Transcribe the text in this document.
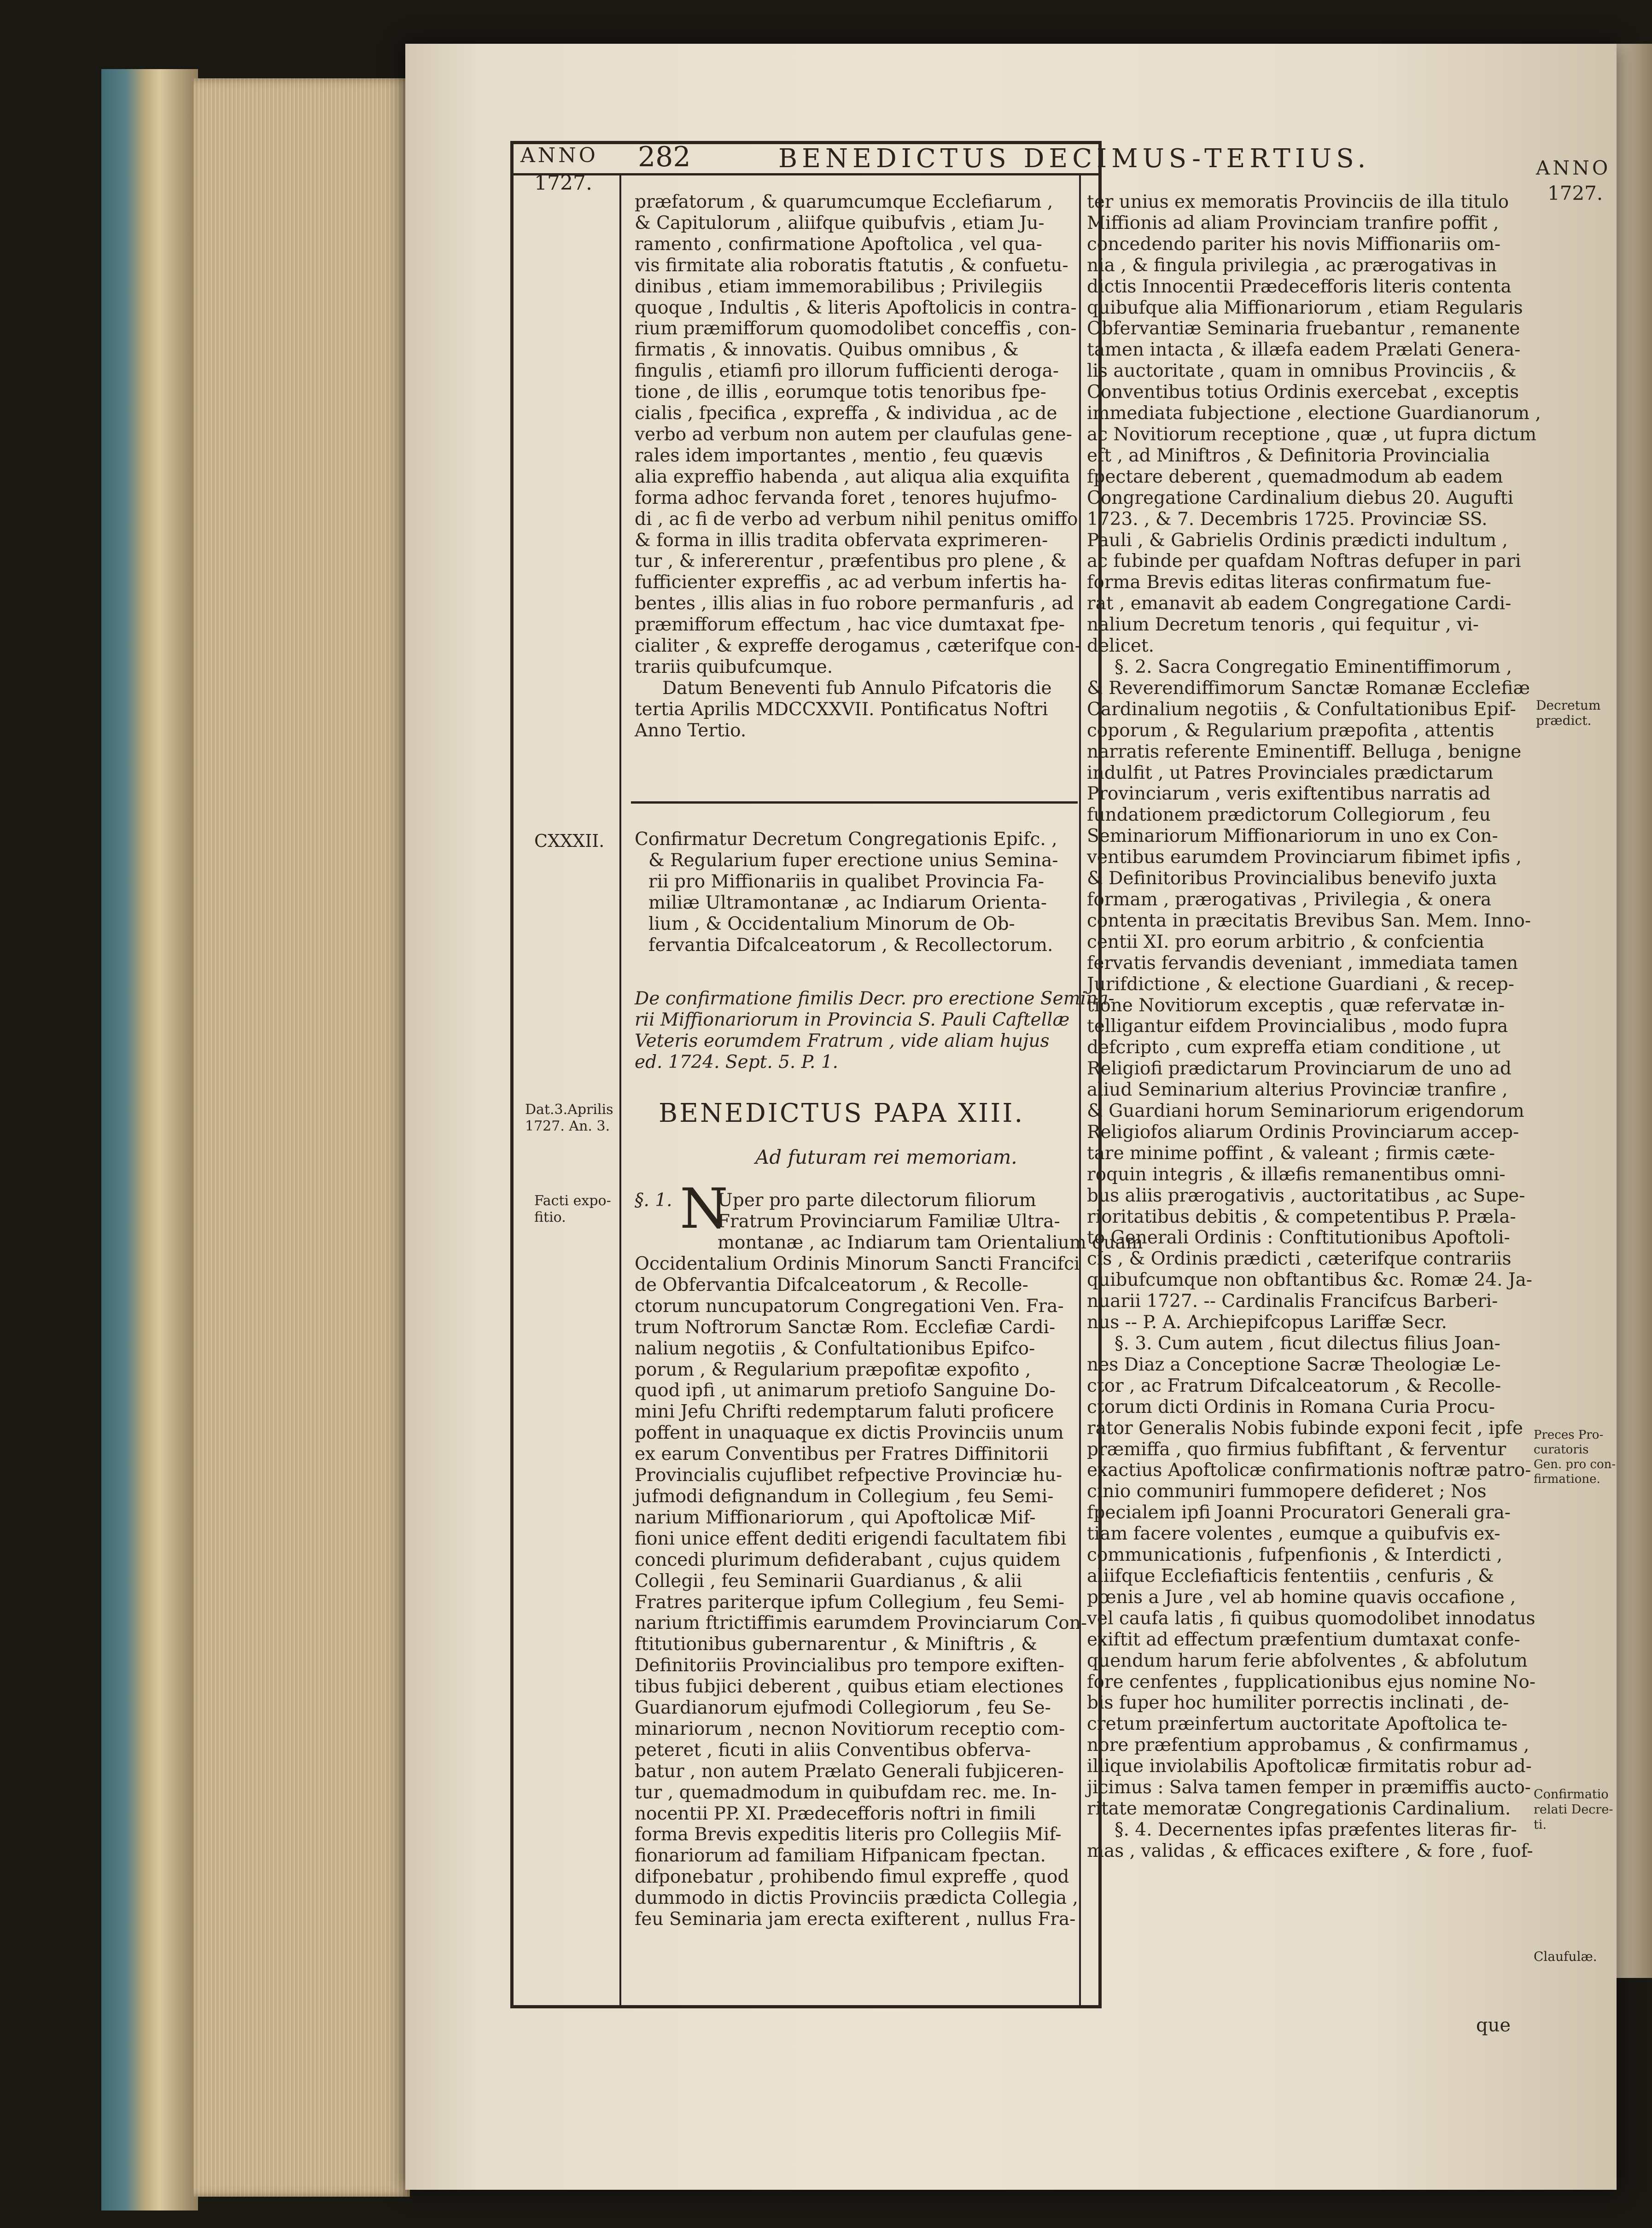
ANNO

1727.

282	BENEDICTUS DECIMUS-TERTIUS.	ANNO

1727.

præfatorum , & quarumcumque Ecclefiarum ,
& Capitulorum , aliifque quibufvis , etiam Ju-
ramento , confirmatione Apoftolica , vel qua-
vis firmitate alia roboratis ftatutis , & confuetu-
dinibus , etiam immemorabilibus ; Privilegiis
quoque , Indultis , & literis Apoftolicis in contra-
rium præmifforum quomodolibet conceffis , con-
firmatis , & innovatis. Quibus omnibus , &
fingulis , etiamfi pro illorum fufficienti deroga-
tione , de illis , eorumque totis tenoribus fpe-
cialis , fpecifica , expreffa , & individua , ac de
verbo ad verbum non autem per claufulas gene-
rales idem importantes , mentio , feu quævis
alia expreffio habenda , aut aliqua alia exquifita
forma adhoc fervanda foret , tenores hujufmo-
di , ac fi de verbo ad verbum nihil penitus omiffo
& forma in illis tradita obfervata exprimeren-
tur , & infererentur , præfentibus pro plene , &
fufficienter expreffis , ac ad verbum infertis ha-
bentes , illis alias in fuo robore permanfuris , ad
præmifforum effectum , hac vice dumtaxat fpe-
cialiter , & expreffe derogamus , cæterifque con-
trariis quibufcumque.
Datum Beneventi fub Annulo Pifcatoris die
tertia Aprilis MDCCXXVII. Pontificatus Noftri
Anno Tertio.

CXXXII.

Dat.3.Aprilis
1727. An. 3.
Facti expo-
fitio.
Confirmatur Decretum Congregationis Epifc. ,
& Regularium fuper erectione unius Semina-
rii pro Miffionariis in qualibet Provincia Fa-
miliæ Ultramontanæ , ac Indiarum Orienta-
lium , & Occidentalium Minorum de Ob-
fervantia Difcalceatorum , & Recollectorum.
De confirmatione fimilis Decr. pro erectione Semina-
rii Miffionariorum in Provincia S. Pauli Caftellæ
Veteris eorumdem Fratrum , vide aliam hujus
ed. 1724. Sept. 5. P. 1.

BENEDICTUS PAPA XIII.

Ad futuram rei memoriam.

§. 1. N

Uper pro parte dilectorum filiorum

Fratrum Provinciarum Familiæ Ultra-
montanæ , ac Indiarum tam Orientalium quam
Occidentalium Ordinis Minorum Sancti Francifci
de Obfervantia Difcalceatorum , & Recolle-
ctorum nuncupatorum Congregationi Ven. Fra-
trum Noftrorum Sanctæ Rom. Ecclefiæ Cardi-
nalium negotiis , & Confultationibus Epifco-
porum , & Regularium præpofitæ expofito ,
quod ipfi , ut animarum pretiofo Sanguine Do-
mini Jefu Chrifti redemptarum faluti proficere
poffent in unaquaque ex dictis Provinciis unum
ex earum Conventibus per Fratres Diffinitorii
Provincialis cujuflibet refpective Provinciæ hu-
jufmodi defignandum in Collegium , feu Semi-
narium Miffionariorum , qui Apoftolicæ Mif-
fioni unice effent dediti erigendi facultatem fibi
concedi plurimum defiderabant , cujus quidem
Collegii , feu Seminarii Guardianus , & alii
Fratres pariterque ipfum Collegium , feu Semi-
narium ftrictiffimis earumdem Provinciarum Con-
ftitutionibus gubernarentur , & Miniftris , &
Definitoriis Provincialibus pro tempore exiften-
tibus fubjici deberent , quibus etiam electiones
Guardianorum ejufmodi Collegiorum , feu Se-
minariorum , necnon Novitiorum receptio com-
peteret , ficuti in aliis Conventibus obferva-
batur , non autem Prælato Generali fubjiceren-
tur , quemadmodum in quibufdam rec. me. In-
nocentii PP. XI. Prædecefforis noftri in fimili
forma Brevis expeditis literis pro Collegiis Mif-
fionariorum ad familiam Hifpanicam fpectan.
difponebatur , prohibendo fimul expreffe , quod
dummodo in dictis Provinciis prædicta Collegia ,
feu Seminaria jam erecta exifterent , nullus Fra-
ter unius ex memoratis Provinciis de illa titulo
Miffionis ad aliam Provinciam tranfire poffit ,
concedendo pariter his novis Miffionariis om-
nia , & fingula privilegia , ac prærogativas in
dictis Innocentii Prædecefforis literis contenta
quibufque alia Miffionariorum , etiam Regularis
Obfervantiæ Seminaria fruebantur , remanente
tamen intacta , & illæfa eadem Prælati Genera-
lis auctoritate , quam in omnibus Provinciis , &
Conventibus totius Ordinis exercebat , exceptis
immediata fubjectione , electione Guardianorum ,
ac Novitiorum receptione , quæ , ut fupra dictum
eft , ad Miniftros , & Definitoria Provincialia
fpectare deberent , quemadmodum ab eadem
Congregatione Cardinalium diebus 20. Augufti
1723. , & 7. Decembris 1725. Provinciæ SS.
Pauli , & Gabrielis Ordinis prædicti indultum ,
ac fubinde per quafdam Noftras defuper in pari
forma Brevis editas literas confirmatum fue-
rat , emanavit ab eadem Congregatione Cardi-
nalium Decretum tenoris , qui fequitur , vi-
delicet.
§. 2. Sacra Congregatio Eminentiffimorum ,
& Reverendiffimorum Sanctæ Romanæ Ecclefiæ
Cardinalium negotiis , & Confultationibus Epif-
coporum , & Regularium præpofita , attentis
narratis referente Eminentiff. Belluga , benigne
indulfit , ut Patres Provinciales prædictarum
Provinciarum , veris exiftentibus narratis ad
fundationem prædictorum Collegiorum , feu
Seminariorum Miffionariorum in uno ex Con-
ventibus earumdem Provinciarum fibimet ipfis ,
& Definitoribus Provincialibus benevifo juxta
formam , prærogativas , Privilegia , & onera
contenta in præcitatis Brevibus San. Mem. Inno-
centii XI. pro eorum arbitrio , & confcientia
fervatis fervandis deveniant , immediata tamen
Jurifdictione , & electione Guardiani , & recep-
tione Novitiorum exceptis , quæ refervatæ in-
telligantur eifdem Provincialibus , modo fupra
defcripto , cum expreffa etiam conditione , ut
Religiofi prædictarum Provinciarum de uno ad
aliud Seminarium alterius Provinciæ tranfire ,
& Guardiani horum Seminariorum erigendorum
Religiofos aliarum Ordinis Provinciarum accep-
tare minime poffint , & valeant ; firmis cæte-
roquin integris , & illæfis remanentibus omni-
bus aliis prærogativis , auctoritatibus , ac Supe-
rioritatibus debitis , & competentibus P. Præla-
to Generali Ordinis : Conftitutionibus Apoftoli-
cis , & Ordinis prædicti , cæterifque contrariis
quibufcumque non obftantibus &c. Romæ 24. Ja-
nuarii 1727. -- Cardinalis Francifcus Barberi-
nus -- P. A. Archiepifcopus Lariffæ Secr.
§. 3. Cum autem , ficut dilectus filius Joan-
nes Diaz a Conceptione Sacræ Theologiæ Le-
ctor , ac Fratrum Difcalceatorum , & Recolle-
ctorum dicti Ordinis in Romana Curia Procu-
rator Generalis Nobis fubinde exponi fecit , ipfe
præmiffa , quo firmius fubfiftant , & ferventur
exactius Apoftolicæ confirmationis noftræ patro-
cinio communiri fummopere defideret ; Nos
fpecialem ipfi Joanni Procuratori Generali gra-
tiam facere volentes , eumque a quibufvis ex-
communicationis , fufpenfionis , & Interdicti ,
aliifque Ecclefiafticis fententiis , cenfuris , &
pœnis a Jure , vel ab homine quavis occafione ,
vel caufa latis , fi quibus quomodolibet innodatus
exiftit ad effectum præfentium dumtaxat confe-
quendum harum ferie abfolventes , & abfolutum
fore cenfentes , fupplicationibus ejus nomine No-
bis fuper hoc humiliter porrectis inclinati , de-
cretum præinfertum auctoritate Apoftolica te-
nore præfentium approbamus , & confirmamus ,
illique inviolabilis Apoftolicæ firmitatis robur ad-
jicimus : Salva tamen femper in præmiffis aucto-
ritate memoratæ Congregationis Cardinalium.
§. 4. Decernentes ipfas præfentes literas fir-
mas , validas , & efficaces exiftere , & fore , fuof-
Decretum
prædict.
Preces Pro-
curatoris
Gen. pro con-
firmatione.
Confirmatio
relati Decre-
ti.

Claufulæ.

que
